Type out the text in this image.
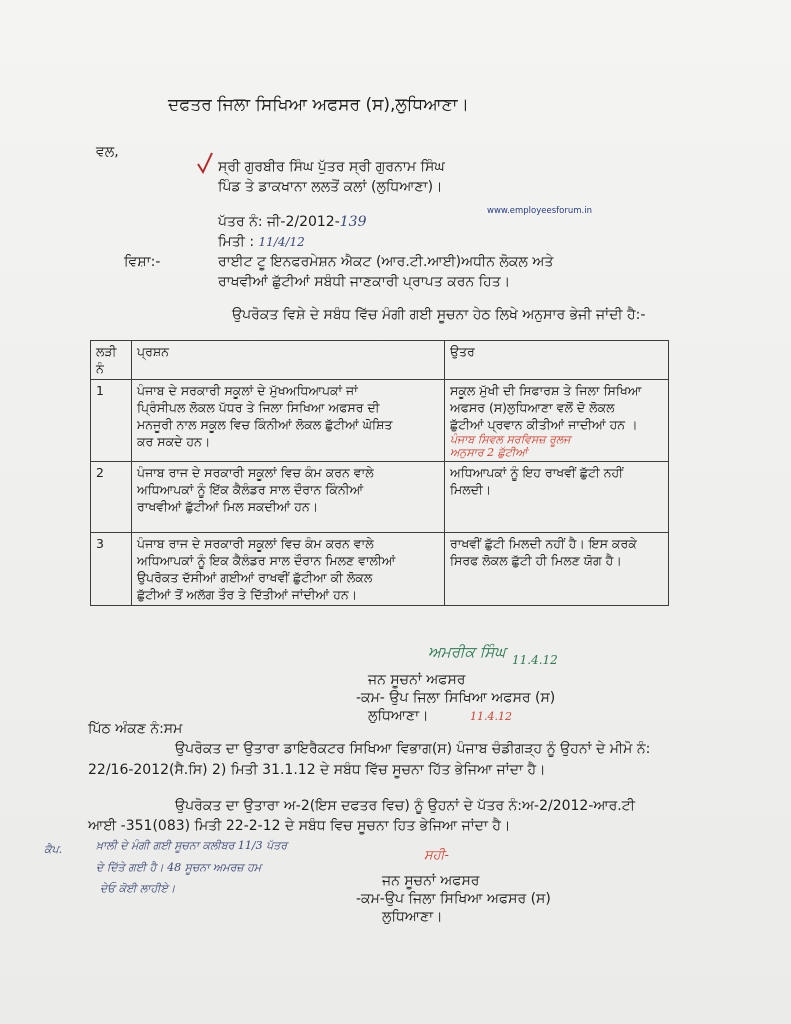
ਦਫਤਰ ਜਿਲਾ ਸਿਖਿਆ ਅਫਸਰ (ਸ),ਲੁਧਿਆਣਾ।
ਵਲ,
ਸ੍ਰੀ ਗੁਰਬੀਰ ਸਿੰਘ ਪੁੱਤਰ ਸ੍ਰੀ ਗੁਰਨਾਮ ਸਿੰਘ
ਪਿੰਡ ਤੇ ਡਾਕਖਾਨਾ ਲਲਤੋਂ ਕਲਾਂ (ਲੁਧਿਆਣਾ)।
www.employeesforum.in
ਪੱਤਰ ਨੰ: ਜੀ-2/2012-139
ਮਿਤੀ : 11/4/12
ਵਿਸ਼ਾ:-	ਰਾਈਟ ਟੂ ਇਨਫਰਮੇਸ਼ਨ ਐਕਟ (ਆਰ.ਟੀ.ਆਈ)ਅਧੀਨ ਲੋਕਲ ਅਤੇ
ਰਾਖਵੀਆਂ ਛੁੱਟੀਆਂ ਸਬੰਧੀ ਜਾਣਕਾਰੀ ਪ੍ਰਾਪਤ ਕਰਨ ਹਿਤ।
ਉਪਰੋਕਤ ਵਿਸ਼ੇ ਦੇ ਸਬੰਧ ਵਿੱਚ ਮੰਗੀ ਗਈ ਸੂਚਨਾ ਹੇਠ ਲਿਖੇ ਅਨੁਸਾਰ ਭੇਜੀ ਜਾਂਦੀ ਹੈ:-
ਲੜੀ ਨੰ	ਪ੍ਰਸ਼ਨ	ਉਤਰ
1	ਪੰਜਾਬ ਦੇ ਸਰਕਾਰੀ ਸਕੂਲਾਂ ਦੇ ਮੁੱਖਅਧਿਆਪਕਾਂ ਜਾਂ
ਪ੍ਰਿੰਸੀਪਲ ਲੋਕਲ ਪੱਧਰ ਤੇ ਜਿਲਾ ਸਿਖਿਆ ਅਫਸਰ ਦੀ
ਮਨਜੂਰੀ ਨਾਲ ਸਕੂਲ ਵਿਚ ਕਿੰਨੀਆਂ ਲੋਕਲ ਛੁੱਟੀਆਂ ਘੋਸ਼ਿਤ
ਕਰ ਸਕਦੇ ਹਨ।	ਸਕੂਲ ਮੁੱਖੀ ਦੀ ਸਿਫਾਰਸ਼ ਤੇ ਜਿਲਾ ਸਿਖਿਆ
ਅਫਸਰ (ਸ)ਲੁਧਿਆਣਾ ਵਲੋਂ ਦੋ ਲੋਕਲ
ਛੁੱਟੀਆਂ ਪ੍ਰਵਾਨ ਕੀਤੀਆਂ ਜਾਦੀਆਂ ਹਨ ।
ਪੰਜਾਬ ਸਿਵਲ ਸਰਵਿਸਜ਼ ਰੂਲਜ
ਅਨੁਸਾਰ 2 ਛੁੱਟੀਆਂ

2	ਪੰਜਾਬ ਰਾਜ ਦੇ ਸਰਕਾਰੀ ਸਕੂਲਾਂ ਵਿਚ ਕੰਮ ਕਰਨ ਵਾਲੇ
ਅਧਿਆਪਕਾਂ ਨੂੰ ਇੱਕ ਕੈਲੰਡਰ ਸਾਲ ਦੌਰਾਨ ਕਿੰਨੀਆਂ
ਰਾਖਵੀਆਂ ਛੁੱਟੀਆਂ ਮਿਲ ਸਕਦੀਆਂ ਹਨ।	ਅਧਿਆਪਕਾਂ ਨੂੰ ਇਹ ਰਾਖਵੀਂ ਛੁੱਟੀ ਨਹੀਂ
ਮਿਲਦੀ।

3	ਪੰਜਾਬ ਰਾਜ ਦੇ ਸਰਕਾਰੀ ਸਕੂਲਾਂ ਵਿਚ ਕੰਮ ਕਰਨ ਵਾਲੇ
ਅਧਿਆਪਕਾਂ ਨੂੰ ਇਕ ਕੈਲੰਡਰ ਸਾਲ ਦੌਰਾਨ ਮਿਲਣ ਵਾਲੀਆਂ
ਉਪਰੋਕਤ ਦੱਸੀਆਂ ਗਈਆਂ ਰਾਖਵੀਂ ਛੁੱਟੀਆ ਕੀ ਲੋਕਲ
ਛੁੱਟੀਆਂ ਤੋਂ ਅਲੱਗ ਤੌਰ ਤੇ ਦਿੱਤੀਆਂ ਜਾਂਦੀਆਂ ਹਨ।	ਰਾਖਵੀਂ ਛੁੱਟੀ ਮਿਲਦੀ ਨਹੀਂ ਹੈ। ਇਸ ਕਰਕੇ
ਸਿਰਫ ਲੋਕਲ ਛੁੱਟੀ ਹੀ ਮਿਲਣ ਯੋਗ ਹੈ।
ਅਮਰੀਕ ਸਿੰਘ 11.4.12
ਜਨ ਸੂਚਨਾਂ ਅਫਸਰ
-ਕਮ- ਉਪ ਜਿਲਾ ਸਿਖਿਆ ਅਫਸਰ (ਸ)
ਲੁਧਿਆਣਾ।	11.4.12
ਪਿੱਠ ਅੰਕਣ ਨੰ:ਸਮ
ਉਪਰੋਕਤ ਦਾ ਉਤਾਰਾ ਡਾਇਰੈਕਟਰ ਸਿਖਿਆ ਵਿਭਾਗ(ਸ) ਪੰਜਾਬ ਚੰਡੀਗੜ੍ਹ ਨੂੰ ਉਹਨਾਂ ਦੇ ਮੀਮੋ ਨੰ:
22/16-2012(ਸੈ.ਸਿ) 2) ਮਿਤੀ 31.1.12 ਦੇ ਸਬੰਧ ਵਿੱਚ ਸੂਚਨਾ ਹਿੱਤ ਭੇਜਿਆ ਜਾਂਦਾ ਹੈ।
ਉਪਰੋਕਤ ਦਾ ਉਤਾਰਾ ਅ-2(ਇਸ ਦਫਤਰ ਵਿਚ) ਨੂੰ ਉਹਨਾਂ ਦੇ ਪੱਤਰ ਨੰ:ਅ-2/2012-ਆਰ.ਟੀ
ਆਈ -351(083) ਮਿਤੀ 22-2-12 ਦੇ ਸਬੰਧ ਵਿਚ ਸੂਚਨਾ ਹਿਤ ਭੇਜਿਆ ਜਾਂਦਾ ਹੈ।
ਕੈਪ.	ਖ਼ਾਲੀ ਦੇ ਮੰਗੀ ਗਈ ਸੂਚਨਾ ਕਲੀਬਰ 11/3 ਪੱਤਰ
ਦੇ ਦਿੱਤੇ ਗਈ ਹੈ। 48 ਸੂਚਨਾ ਅਮਰਜ਼ ਹਮ
ਦੇਓ ਕੋਈ ਲਾਹੀਏ।
ਸਹੀ-
ਜਨ ਸੂਚਨਾਂ ਅਫਸਰ
-ਕਮ-ਉਪ ਜਿਲਾ ਸਿਖਿਆ ਅਫਸਰ (ਸ)
ਲੁਧਿਆਣਾ।
